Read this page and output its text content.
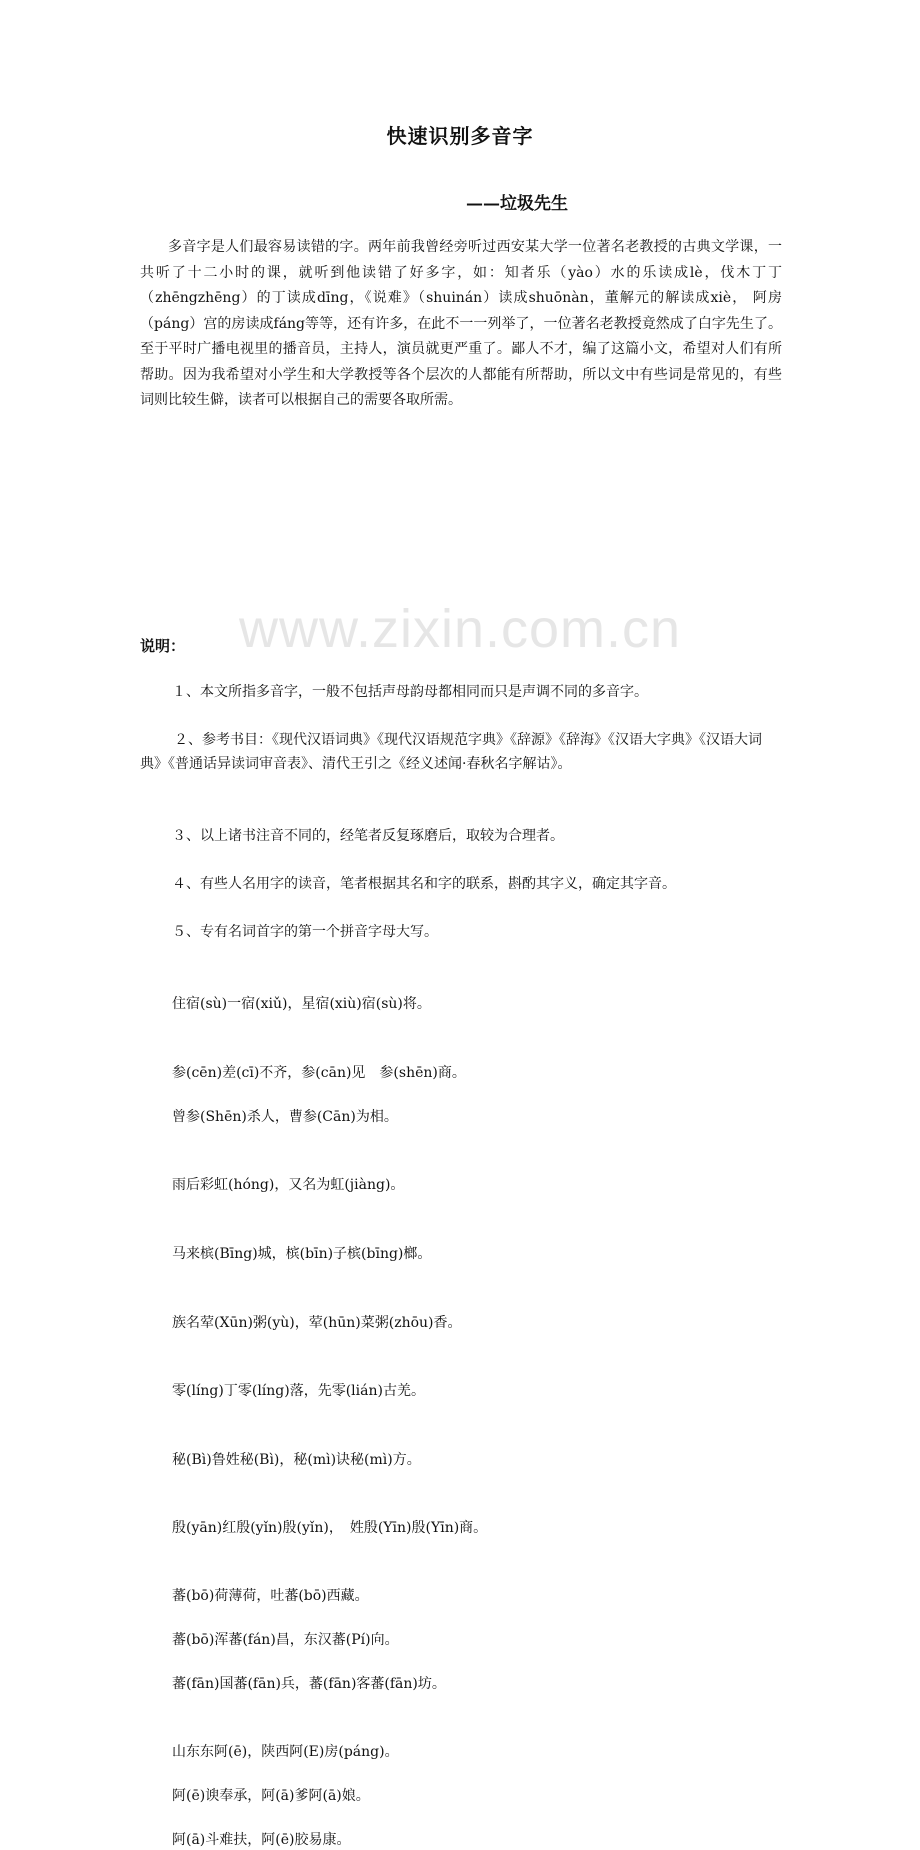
www.zixin.com.cn
快速识别多音字
——垃圾先生

多音字是人们最容易读错的字。两年前我曾经旁听过西安某大学一位著名老教授的古典文学课，一共听了十二小时的课，就听到他读错了好多字，如：知者乐（yào）水的乐读成lè，伐木丁丁（zhēngzhēng）的丁读成dīng，《说难》（shuinán）读成shuōnàn，董解元的解读成xiè， 阿房（páng）宫的房读成fáng等等，还有许多，在此不一一列举了，一位著名老教授竟然成了白字先生了。至于平时广播电视里的播音员，主持人，演员就更严重了。鄙人不才，编了这篇小文，希望对人们有所帮助。因为我希望对小学生和大学教授等各个层次的人都能有所帮助，所以文中有些词是常见的，有些词则比较生僻，读者可以根据自己的需要各取所需。

说明：
１、本文所指多音字，一般不包括声母韵母都相同而只是声调不同的多音字。

２、参考书目：《现代汉语词典》《现代汉语规范字典》《辞源》《辞海》《汉语大字典》《汉语大词典》《普通话异读词审音表》、清代王引之《经义述闻·春秋名字解诂》。

３、以上诸书注音不同的，经笔者反复琢磨后，取较为合理者。
４、有些人名用字的读音，笔者根据其名和字的联系，斟酌其字义，确定其字音。
５、专有名词首字的第一个拼音字母大写。
住宿(sù)一宿(xiǔ)，星宿(xiù)宿(sù)将。
参(cēn)差(cī)不齐，参(cān)见　参(shēn)商。
曾参(Shēn)杀人，曹参(Cān)为相。
雨后彩虹(hóng)，又名为虹(jiàng)。
马来槟(Bīng)城，槟(bīn)子槟(bīng)榔。
族名荤(Xūn)粥(yù)，荤(hūn)菜粥(zhōu)香。
零(líng)丁零(líng)落，先零(lián)古羌。
秘(Bì)鲁姓秘(Bì)，秘(mì)诀秘(mì)方。
殷(yān)红殷(yǐn)殷(yǐn)，　姓殷(Yīn)殷(Yīn)商。
蕃(bō)荷薄荷，吐蕃(bō)西藏。
蕃(bō)浑蕃(fán)昌，东汉蕃(Pí)向。
蕃(fān)国蕃(fān)兵，蕃(fān)客蕃(fān)坊。
山东东阿(ē)，陕西阿(E)房(páng)。
阿(ē)谀奉承，阿(ā)爹阿(ā)娘。
阿(ā)斗难扶，阿(ē)胶易康。
